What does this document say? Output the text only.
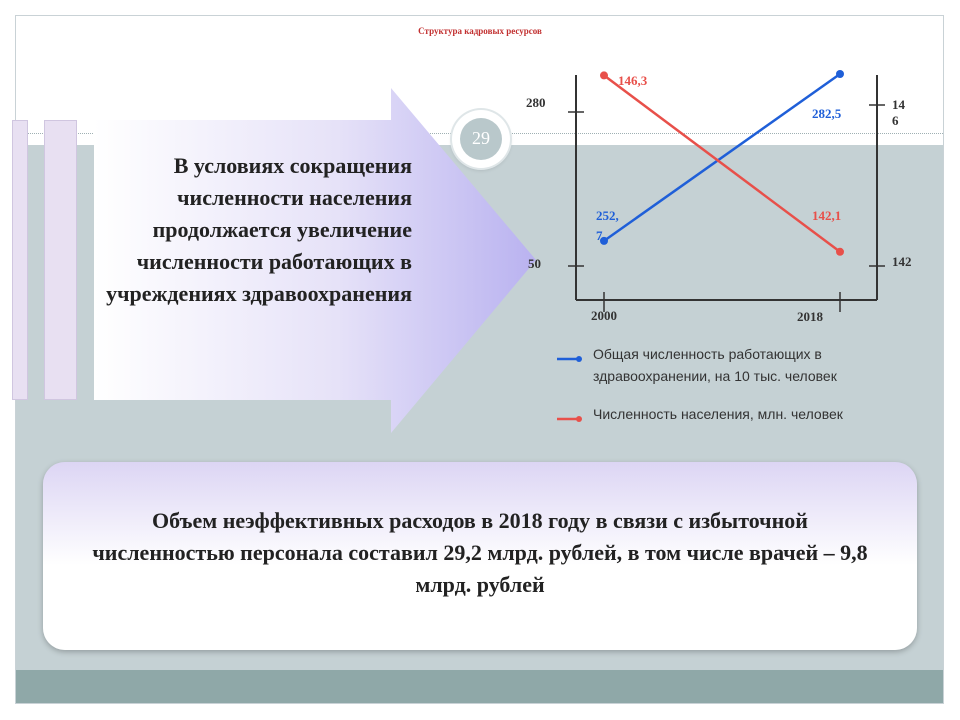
Структура кадровых ресурсов
В условиях сокращения численности населения продолжается увеличение численности работающих в учреждениях здравоохранения
29
280
50
14 6
142
2000	2018
252, 7
282,5
146,3
142,1
Общая численность работающих в здравоохранении, на 10 тыс. человек
Численность населения, млн. человек
Объем неэффективных расходов в 2018 году в связи с избыточной численностью персонала составил 29,2 млрд. рублей, в том числе врачей – 9,8 млрд. рублей
